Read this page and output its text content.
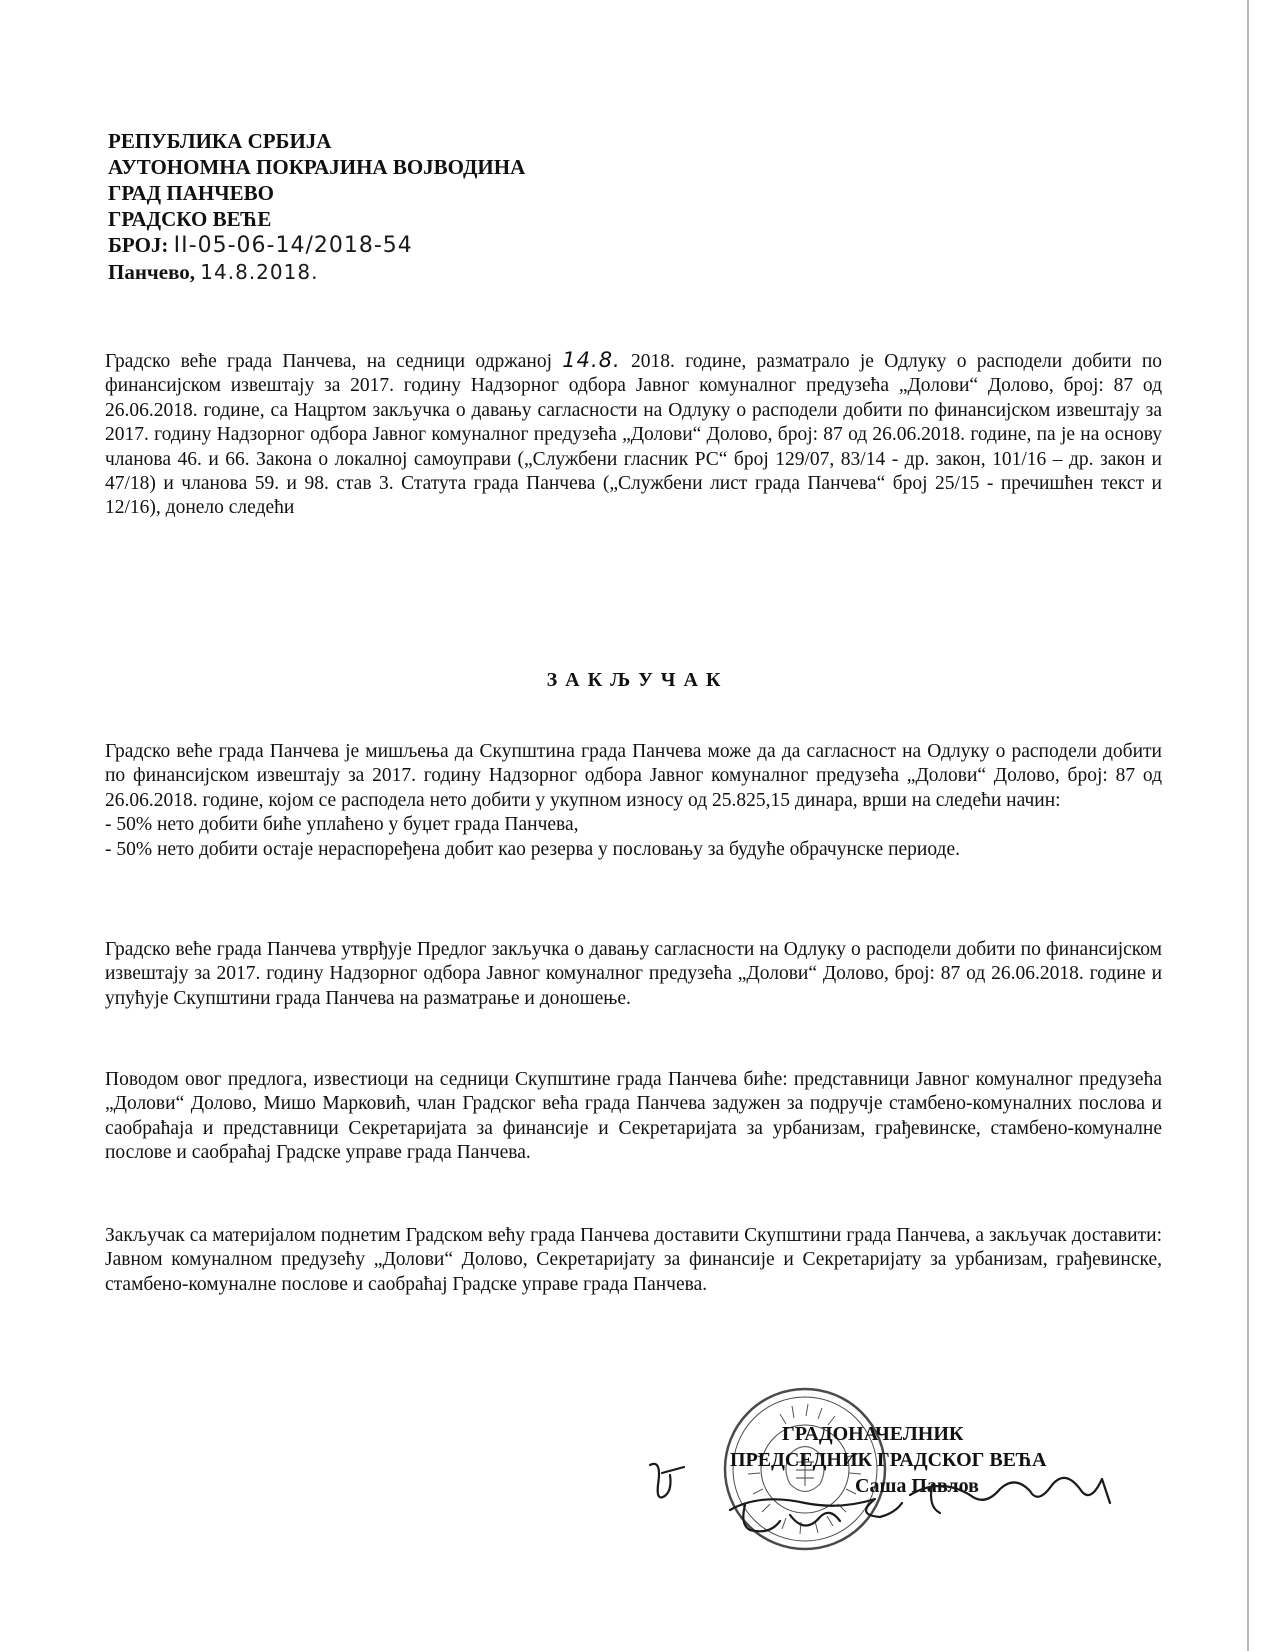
РЕПУБЛИКА СРБИЈА
АУТОНОМНА ПОКРАЈИНА ВОЈВОДИНА
ГРАД ПАНЧЕВО
ГРАДСКО ВЕЋЕ
БРОЈ: II-05-06-14/2018-54
Панчево, 14.8.2018.

Градско веће града Панчева, на седници одржаној 14.8. 2018. године, разматрало је Одлуку о расподели добити по финансијском извештају за 2017. годину Надзорног одбора Јавног комуналног предузећа „Долови“ Долово, број: 87 од 26.06.2018. године, са Нацртом закључка о давању сагласности на Одлуку о расподели добити по финансијском извештају за 2017. годину Надзорног одбора Јавног комуналног предузећа „Долови“ Долово, број: 87 од 26.06.2018. године, па је на основу чланова 46. и 66. Закона о локалној самоуправи („Службени гласник РС“ број 129/07, 83/14 - др. закон, 101/16 – др. закон и 47/18) и чланова 59. и 98. став 3. Статута града Панчева („Службени лист града Панчева“ број 25/15 - пречишћен текст и 12/16), донело следећи

ЗАКЉУЧАК

Градско веће града Панчева је мишљења да Скупштина града Панчева може да да сагласност на Одлуку о расподели добити по финансијском извештају за 2017. годину Надзорног одбора Јавног комуналног предузећа „Долови“ Долово, број: 87 од 26.06.2018. године, којом се расподела нето добити у укупном износу од 25.825,15 динара, врши на следећи начин:

- 50% нето добити биће уплаћено у буџет града Панчева,
- 50% нето добити остаје нераспоређена добит као резерва у пословању за будуће обрачунске периоде.

Градско веће града Панчева утврђује Предлог закључка о давању сагласности на Одлуку о расподели добити по финансијском извештају за 2017. годину Надзорног одбора Јавног комуналног предузећа „Долови“ Долово, број: 87 од 26.06.2018. године и упућује Скупштини града Панчева на разматрање и доношење.

Поводом овог предлога, известиоци на седници Скупштине града Панчева биће: представници Јавног комуналног предузећа „Долови“ Долово, Мишо Марковић, члан Градског већа града Панчева задужен за подручје стамбено-комуналних послова и саобраћаја и представници Секретаријата за финансије и Секретаријата за урбанизам, грађевинске, стамбено-комуналне послове и саобраћај Градске управе града Панчева.

Закључак са материјалом поднетим Градском већу града Панчева доставити Скупштини града Панчева, а закључак доставити: Јавном комуналном предузећу „Долови“ Долово, Секретаријату за финансије и Секретаријату за урбанизам, грађевинске, стамбено-комуналне послове и саобраћај Градске управе града Панчева.

ГРАДОНАЧЕЛНИК
ПРЕДСЕДНИК ГРАДСКОГ ВЕЋА
Саша Павлов
